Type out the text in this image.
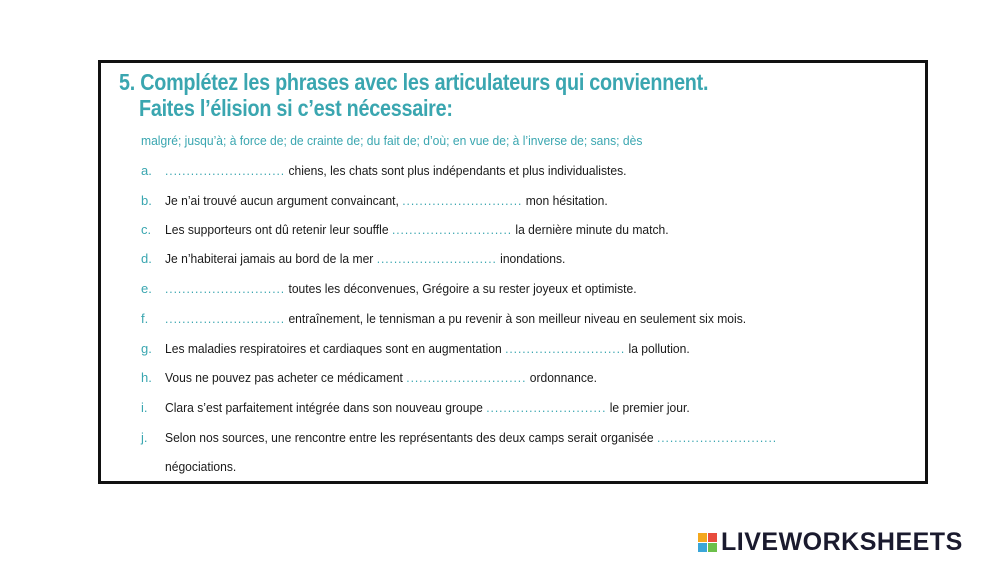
5. Complétez les phrases avec les articulateurs qui conviennent.
Faites l’élision si c’est nécessaire:
malgré; jusqu’à; à force de; de crainte de; du fait de; d’où; en vue de; à l’inverse de; sans; dès
a. ............................ chiens, les chats sont plus indépendants et plus individualistes.
b. Je n’ai trouvé aucun argument convaincant, ............................ mon hésitation.
c. Les supporteurs ont dû retenir leur souffle ............................ la dernière minute du match.
d. Je n’habiterai jamais au bord de la mer ............................ inondations.
e. ............................ toutes les déconvenues, Grégoire a su rester joyeux et optimiste.
f. ............................ entraînement, le tennisman a pu revenir à son meilleur niveau en seulement six mois.
g. Les maladies respiratoires et cardiaques sont en augmentation ............................ la pollution.
h. Vous ne pouvez pas acheter ce médicament ............................ ordonnance.
i. Clara s’est parfaitement intégrée dans son nouveau groupe ............................ le premier jour.
j. Selon nos sources, une rencontre entre les représentants des deux camps serait organisée ............................
négociations.
LIVEWORKSHEETS
